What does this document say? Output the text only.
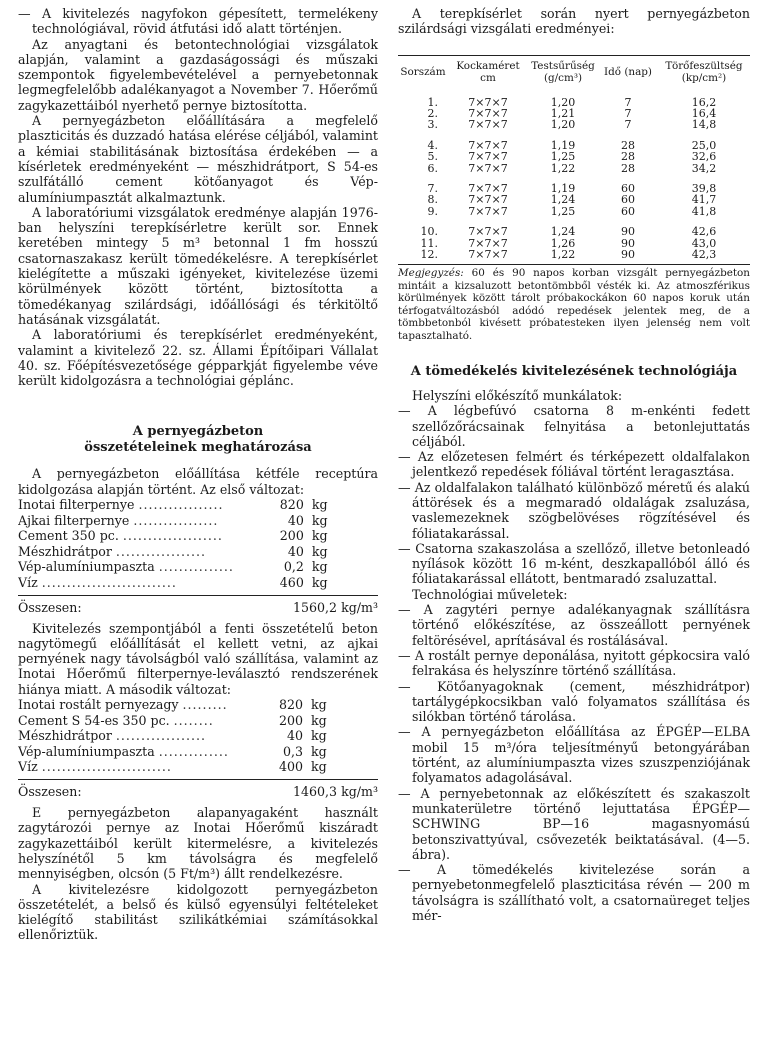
— A kivitelezés nagyfokon gépesített, termelékeny technológiával, rövid átfutási idő alatt történjen.

Az anyagtani és betontechnológiai vizsgálatok alapján, valamint a gazdaságossági és műszaki szempontok figyelembevételével a pernyebetonnak legmegfelelőbb adalékanyagot a November 7. Hőerőmű zagykazettáiból nyerhető pernye biztosította.

A pernyegázbeton előállítására a megfelelő plaszticitás és duzzadó hatása elérése céljából, valamint a kémiai stabilitásának biztosítása érdekében — a kísérletek eredményeként — mészhidrátport, S 54-es szulfátálló cement kötőanyagot és Vép-alumíniumpasztát alkalmaztunk.

A laboratóriumi vizsgálatok eredménye alapján 1976-ban helyszíni terepkísérletre került sor. Ennek keretében mintegy 5 m³ betonnal 1 fm hosszú csatornaszakasz került tömedékelésre. A terepkísérlet kielégítette a műszaki igényeket, kivitelezése üzemi körülmények között történt, biztosította a tömedékanyag szilárdsági, időállósági és térkitöltő hatásának vizsgálatát.

A laboratóriumi és terepkísérlet eredményeként, valamint a kivitelező 22. sz. Állami Építőipari Vállalat 40. sz. Főépítésvezetősége gépparkját figyelembe véve került kidolgozásra a technológiai géplánc.

A pernyegázbeton

összetételeinek meghatározása

A pernyegázbeton előállítása kétféle receptúra kidolgozása alapján történt. Az első változat:

Inotai filterpernye .................	820	kg
Ajkai filterpernye .................	40	kg
Cement 350 pc. ....................	200	kg
Mészhidrátpor ..................	40	kg
Vép-alumíniumpaszta ...............	0,2	kg
Víz ...........................	460	kg
Összesen:	1560,2 kg/m³

Kivitelezés szempontjából a fenti összetételű beton nagytömegű előállítását el kellett vetni, az ajkai pernyének nagy távolságból való szállítása, valamint az Inotai Hőerőmű filterpernye-leválasztó rendszerének hiánya miatt. A második változat:

Inotai rostált pernyezagy .........	820	kg
Cement S 54-es 350 pc. ........	200	kg
Mészhidrátpor ..................	40	kg
Vép-alumíniumpaszta ..............	0,3	kg
Víz ..........................	400	kg
Összesen:	1460,3 kg/m³

E pernyegázbeton alapanyagaként használt zagytározói pernye az Inotai Hőerőmű kiszáradt zagykazettáiból került kitermelésre, a kivitelezés helyszínétől 5 km távolságra és megfelelő mennyiségben, olcsón (5 Ft/m³) állt rendelkezésre.

A kivitelezésre kidolgozott pernyegázbeton összetételét, a belső és külső egyensúlyi feltételeket kielégítő stabilitást szilikátkémiai számításokkal ellenőriztük.

A terepkísérlet során nyert pernyegázbeton szilárdsági vizsgálati eredményei:

Sorszám	Kockaméret cm	Testsűrűség (g/cm³)	Idő (nap)	Törőfeszültség (kp/cm²)

1.	7×7×7	1,20	7	16,2
2.	7×7×7	1,21	7	16,4
3.	7×7×7	1,20	7	14,8

4.	7×7×7	1,19	28	25,0
5.	7×7×7	1,25	28	32,6
6.	7×7×7	1,22	28	34,2

7.	7×7×7	1,19	60	39,8
8.	7×7×7	1,24	60	41,7
9.	7×7×7	1,25	60	41,8

10.	7×7×7	1,24	90	42,6
11.	7×7×7	1,26	90	43,0
12.	7×7×7	1,22	90	42,3

Megjegyzés: 60 és 90 napos korban vizsgált pernyegázbeton mintáit a kizsaluzott betontömbből vésték ki. Az atmoszférikus körülmények között tárolt próbakockákon 60 napos koruk után térfogatváltozásból adódó repedések jelentek meg, de a tömbbetonból kivésett próbatesteken ilyen jelenség nem volt tapasztalható.

A tömedékelés kivitelezésének technológiája

Helyszíni előkészítő munkálatok:

— A légbefúvó csatorna 8 m-enkénti fedett szellőzőrácsainak felnyitása a betonlejuttatás céljából.

— Az előzetesen felmért és térképezett oldalfalakon jelentkező repedések fóliával történt leragasztása.

— Az oldalfalakon található különböző méretű és alakú áttörések és a megmaradó oldalágak zsaluzása, vaslemezeknek szögbelövéses rögzítésével és fóliatakarással.

— Csatorna szakaszolása a szellőző, illetve betonleadó nyílások között 16 m-ként, deszkapallóból álló és fóliatakarással ellátott, bentmaradó zsaluzattal.

Technológiai műveletek:

— A zagytéri pernye adalékanyagnak szállításra történő előkészítése, az összeállott pernyének feltörésével, aprításával és rostálásával.

— A rostált pernye deponálása, nyitott gépkocsira való felrakása és helyszínre történő szállítása.

— Kötőanyagoknak (cement, mészhidrátpor) tartálygépkocsikban való folyamatos szállítása és silókban történő tárolása.

— A pernyegázbeton előállítása az ÉPGÉP—ELBA mobil 15 m³/óra teljesítményű betongyárában történt, az alumíniumpaszta vizes szuszpenziójának folyamatos adagolásával.

— A pernyebetonnak az előkészített és szakaszolt munkaterületre történő lejuttatása ÉPGÉP—SCHWING BP—16 magasnyomású betonszivattyúval, csővezeték beiktatásával. (4—5. ábra).

— A tömedékelés kivitelezése során a pernyebetonmegfelelő plaszticitása révén — 200 m távolságra is szállítható volt, a csatornaüreget teljes mér-
